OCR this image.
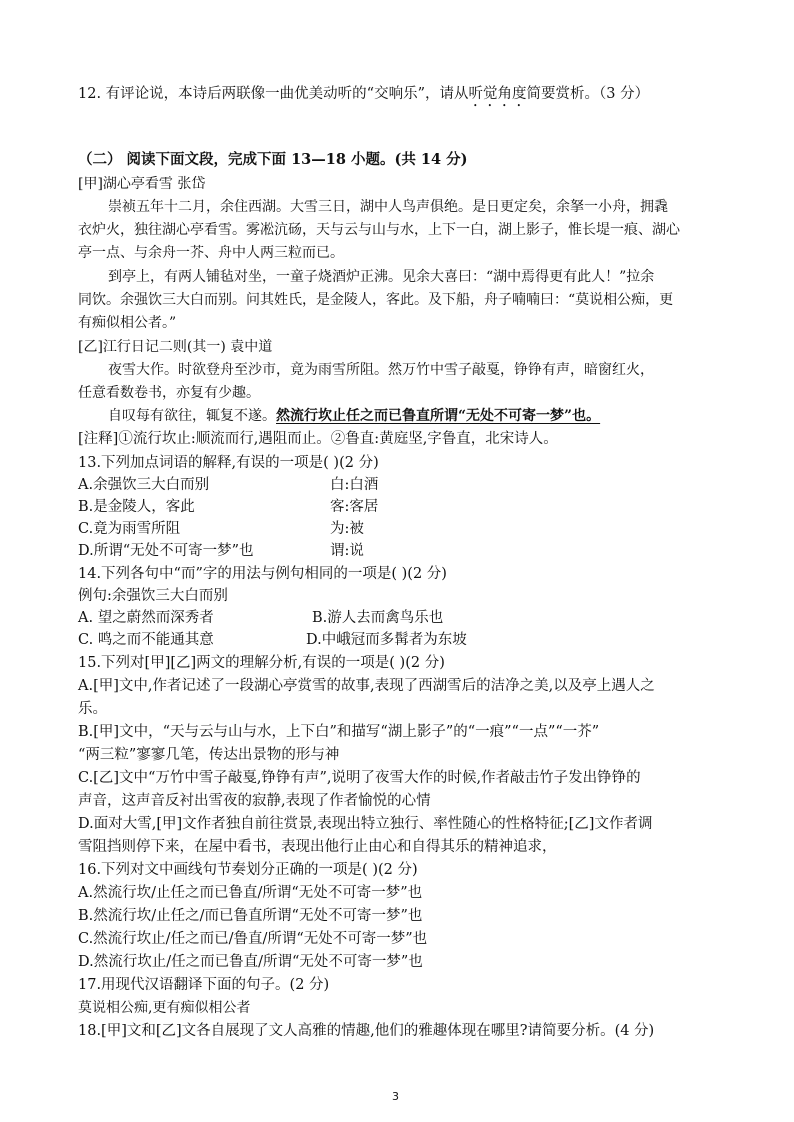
12. 有评论说，本诗后两联像一曲优美动听的“交响乐”，请从听觉角度简要赏析。（3 分）
（二） 阅读下面文段，完成下面 13—18 小题。(共 14 分)
[甲]湖心亭看雪 张岱
崇祯五年十二月，余住西湖。大雪三日，湖中人鸟声俱绝。是日更定矣，余拏一小舟，拥毳
衣炉火，独往湖心亭看雪。雾凇沆砀，天与云与山与水，上下一白，湖上影子，惟长堤一痕、湖心
亭一点、与余舟一芥、舟中人两三粒而已。
到亭上，有两人铺毡对坐，一童子烧酒炉正沸。见余大喜曰：“湖中焉得更有此人！”拉余
同饮。余强饮三大白而别。问其姓氏，是金陵人，客此。及下船，舟子喃喃曰：“莫说相公痴，更
有痴似相公者。”
[乙]江行日记二则(其一) 袁中道
夜雪大作。时欲登舟至沙市，竟为雨雪所阻。然万竹中雪子敲戛，铮铮有声，暗窗红火，
任意看数卷书，亦复有少趣。
自叹每有欲往，辄复不遂。然流行坎止任之而已鲁直所谓“无处不可寄一梦”也。
[注释]①流行坎止:顺流而行,遇阻而止。②鲁直:黄庭坚,字鲁直，北宋诗人。
13.下列加点词语的解释,有误的一项是( )(2 分)
A.余强饮三大白而别	白:白酒
B.是金陵人，客此	客:客居
C.竟为雨雪所阻	为:被
D.所谓“无处不可寄一梦”也	谓:说
14.下列各句中“而”字的用法与例句相同的一项是( )(2 分)
例句:余强饮三大白而别
A. 望之蔚然而深秀者	B.游人去而禽鸟乐也
C. 鸣之而不能通其意	D.中峨冠而多髯者为东坡
15.下列对[甲][乙]两文的理解分析,有误的一项是( )(2 分)
A.[甲]文中,作者记述了一段湖心亭赏雪的故事,表现了西湖雪后的洁净之美,以及亭上遇人之
乐。
B.[甲]文中，“天与云与山与水，上下白”和描写“湖上影子”的“一痕”“一点”“一芥”
“两三粒”寥寥几笔，传达出景物的形与神
C.[乙]文中“万竹中雪子敲戛,铮铮有声”,说明了夜雪大作的时候,作者敲击竹子发出铮铮的
声音，这声音反衬出雪夜的寂静,表现了作者愉悦的心情
D.面对大雪,[甲]文作者独自前往赏景,表现出特立独行、率性随心的性格特征;[乙]文作者调
雪阻挡则停下来，在屋中看书，表现出他行止由心和自得其乐的精神追求，
16.下列对文中画线句节奏划分正确的一项是( )(2 分)
A.然流行坎/止任之而已鲁直/所谓“无处不可寄一梦”也
B.然流行坎/止任之/而已鲁直所谓“无处不可寄一梦”也
C.然流行坎止/任之而已/鲁直/所谓“无处不可寄一梦”也
D.然流行坎止/任之而已鲁直/所谓“无处不可寄一梦”也
17.用现代汉语翻译下面的句子。(2 分)
莫说相公痴,更有痴似相公者
18.[甲]文和[乙]文各自展现了文人高雅的情趣,他们的雅趣体现在哪里?请简要分析。(4 分)
3
